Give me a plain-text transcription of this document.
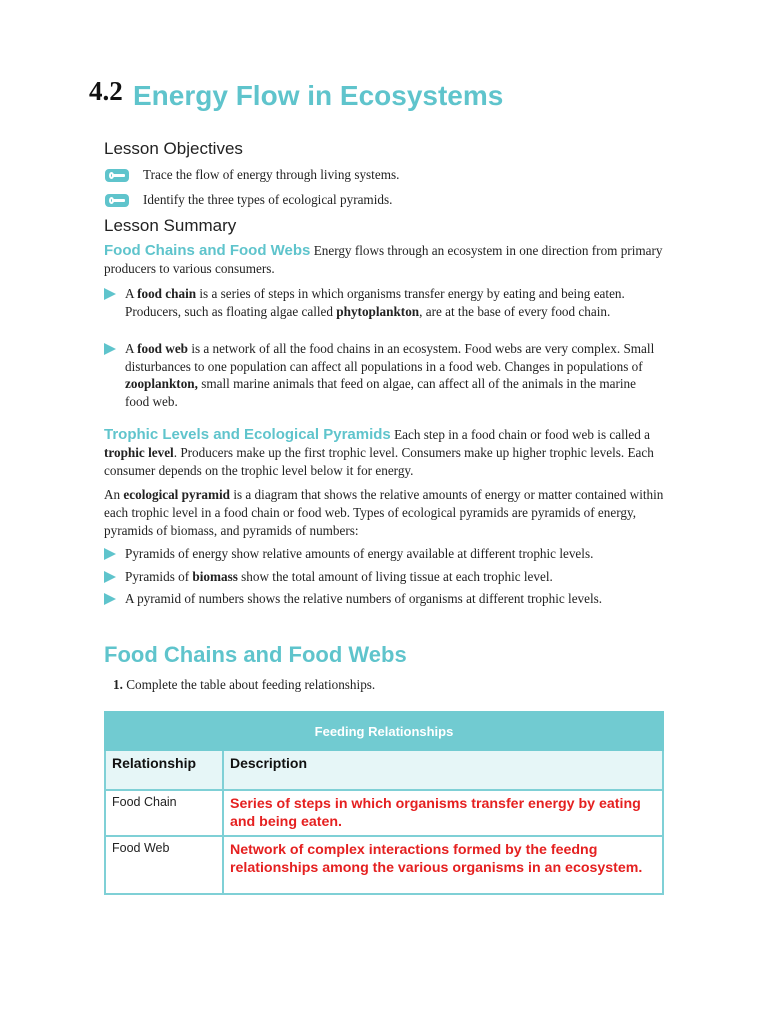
4.2 Energy Flow in Ecosystems
Lesson Objectives
Trace the flow of energy through living systems.
Identify the three types of ecological pyramids.
Lesson Summary
Food Chains and Food Webs Energy flows through an ecosystem in one direction from primary producers to various consumers.
A food chain is a series of steps in which organisms transfer energy by eating and being eaten. Producers, such as floating algae called phytoplankton, are at the base of every food chain.
A food web is a network of all the food chains in an ecosystem. Food webs are very complex. Small disturbances to one population can affect all populations in a food web. Changes in populations of zooplankton, small marine animals that feed on algae, can affect all of the animals in the marine food web.
Trophic Levels and Ecological Pyramids Each step in a food chain or food web is called a trophic level. Producers make up the first trophic level. Consumers make up higher trophic levels. Each consumer depends on the trophic level below it for energy.
An ecological pyramid is a diagram that shows the relative amounts of energy or matter contained within each trophic level in a food chain or food web. Types of ecological pyramids are pyramids of energy, pyramids of biomass, and pyramids of numbers:
Pyramids of energy show relative amounts of energy available at different trophic levels.
Pyramids of biomass show the total amount of living tissue at each trophic level.
A pyramid of numbers shows the relative numbers of organisms at different trophic levels.
Food Chains and Food Webs
1. Complete the table about feeding relationships.
Feeding Relationships	
Relationship	Description
Food Chain	Series of steps in which organisms transfer energy by eating and being eaten.
Food Web	Network of complex interactions formed by the feedng relationships among the various organisms in an ecosystem.
